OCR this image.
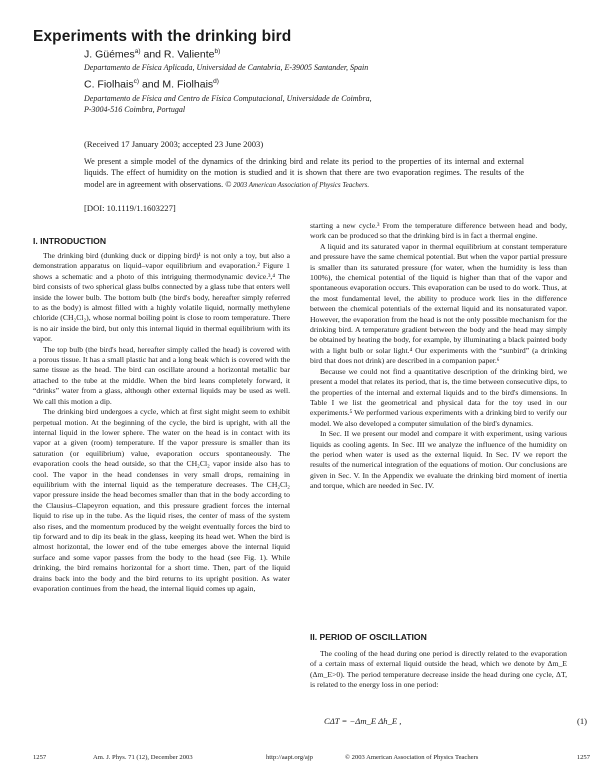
Experiments with the drinking bird
J. Güémes$^{a)}$ and R. Valiente$^{b)}$
Departamento de Física Aplicada, Universidad de Cantabria, E-39005 Santander, Spain
C. Fiolhais$^{c)}$ and M. Fiolhais$^{d)}$
Departamento de Física and Centro de Física Computacional, Universidade de Coimbra,
P-3004-516 Coimbra, Portugal
(Received 17 January 2003; accepted 23 June 2003)
We present a simple model of the dynamics of the drinking bird and relate its period to the properties of its internal and external liquids. The effect of humidity on the motion is studied and it is shown that there are two evaporation regimes. The results of the model are in agreement with observations. © 2003 American Association of Physics Teachers.
[DOI: 10.1119/1.1603227]
I. INTRODUCTION

The drinking bird (dunking duck or dipping bird)¹ is not only a toy, but also a demonstration apparatus on liquid–vapor equilibrium and evaporation.² Figure 1 shows a schematic and a photo of this intriguing thermodynamic device.³,⁴ The bird consists of two spherical glass bulbs connected by a glass tube that enters well inside the lower bulb. The bottom bulb (the bird's body, hereafter simply referred to as the body) is almost filled with a highly volatile liquid, normally methylene chloride (CH₂Cl₂), whose normal boiling point is close to room temperature. There is no air inside the bird, but only this internal liquid in thermal equilibrium with its vapor.

The top bulb (the bird's head, hereafter simply called the head) is covered with a porous tissue. It has a small plastic hat and a long beak which is covered with the same tissue as the head. The bird can oscillate around a horizontal metallic bar attached to the tube at the middle. When the bird leans completely forward, it “drinks” water from a glass, although other external liquids may be used as well. We call this motion a dip.

The drinking bird undergoes a cycle, which at first sight might seem to exhibit perpetual motion. At the beginning of the cycle, the bird is upright, with all the internal liquid in the lower sphere. The water on the head is in contact with its vapor at a given (room) temperature. If the vapor pressure is smaller than its saturation (or equilibrium) value, evaporation occurs spontaneously. The evaporation cools the head outside, so that the CH₂Cl₂ vapor inside also has to cool. The vapor in the head condenses in very small drops, remaining in equilibrium with the internal liquid as the temperature decreases. The CH₂Cl₂ vapor pressure inside the head becomes smaller than that in the body according to the Clausius–Clapeyron equation, and this pressure gradient forces the internal liquid to rise up in the tube. As the liquid rises, the center of mass of the system also rises, and the momentum produced by the weight eventually forces the bird to tip forward and to dip its beak in the glass, keeping its head wet. When the bird is almost horizontal, the lower end of the tube emerges above the internal liquid surface and some vapor passes from the body to the head (see Fig. 1). While drinking, the bird remains horizontal for a short time. Then, part of the liquid drains back into the body and the bird returns to its upright position. As water evaporation continues from the head, the internal liquid comes up again,

starting a new cycle.³ From the temperature difference between head and body, work can be produced so that the drinking bird is in fact a thermal engine.

A liquid and its saturated vapor in thermal equilibrium at constant temperature and pressure have the same chemical potential. But when the vapor partial pressure is smaller than its saturated pressure (for water, when the humidity is less than 100%), the chemical potential of the liquid is higher than that of the vapor and spontaneous evaporation occurs. This evaporation can be used to do work. Thus, at the most fundamental level, the ability to produce work lies in the difference between the chemical potentials of the external liquid and its nonsaturated vapor. However, the evaporation from the head is not the only possible mechanism for the drinking bird. A temperature gradient between the body and the head may simply be obtained by heating the body, for example, by illuminating a black painted body with a light bulb or solar light.⁴ Our experiments with the “sunbird” (a drinking bird that does not drink) are described in a companion paper.⁶

Because we could not find a quantitative description of the drinking bird, we present a model that relates its period, that is, the time between consecutive dips, to the properties of the internal and external liquids and to the bird's dimensions. In Table I we list the geometrical and physical data for the toy used in our experiments.⁵ We performed various experiments with a drinking bird to verify our model. We also developed a computer simulation of the bird's dynamics.

In Sec. II we present our model and compare it with experiment, using various liquids as cooling agents. In Sec. III we analyze the influence of the humidity on the period when water is used as the external liquid. In Sec. IV we report the results of the numerical integration of the equations of motion. Our conclusions are given in Sec. V. In the Appendix we evaluate the drinking bird moment of inertia and torque, which are needed in Sec. IV.

II. PERIOD OF OSCILLATION

The cooling of the head during one period is directly related to the evaporation of a certain mass of external liquid outside the head, which we denote by Δm_E (Δm_E>0). The period temperature decrease inside the head during one cycle, ΔT, is related to the energy loss in one period:

CΔT = −Δm_E Δh_E ,	(1)
1257	Am. J. Phys. 71 (12), December 2003	http://aapt.org/ajp	© 2003 American Association of Physics Teachers	1257
